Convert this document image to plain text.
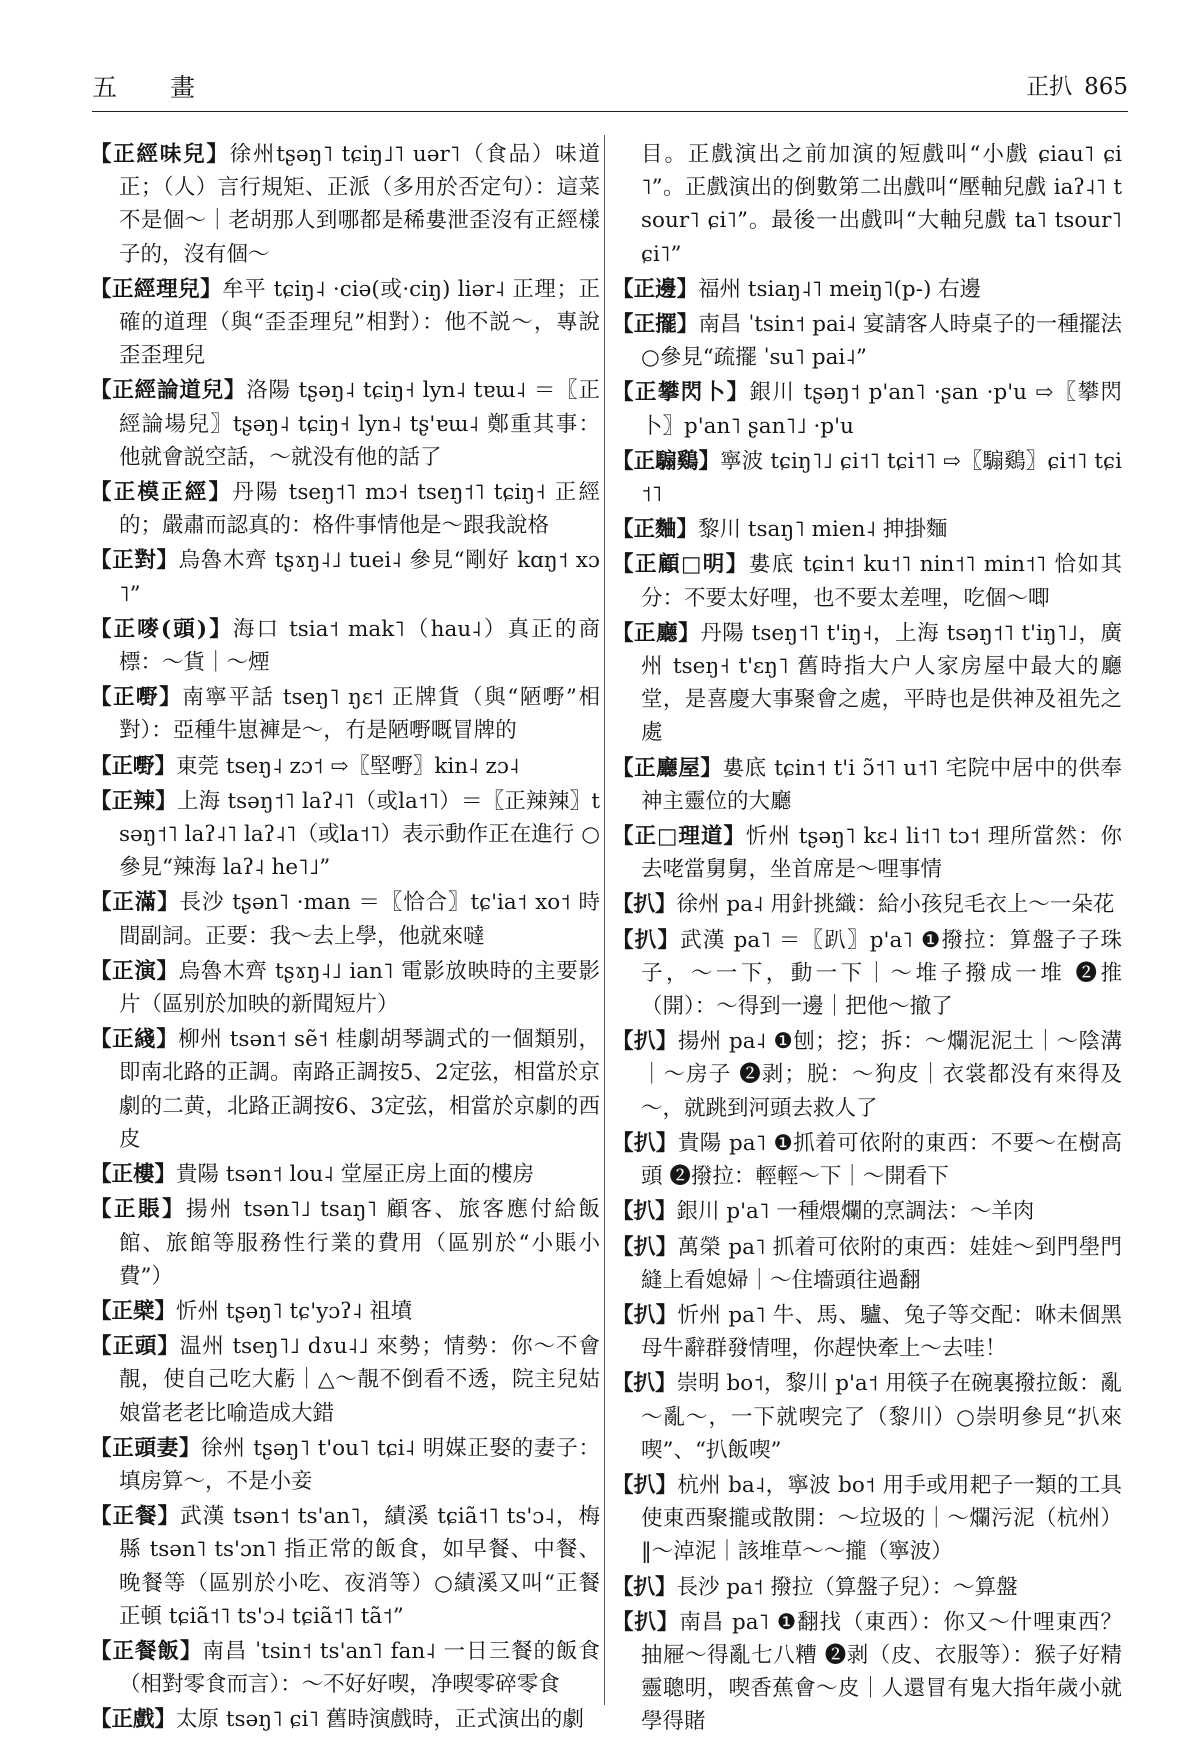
五　畫	正扒 865
【正經味兒】徐州tʂəŋ˥ tɕiŋ˩˥ uər˥（食品）味道正；（人）言行規矩、正派（多用於否定句）：這菜不是個～｜老胡那人到哪都是稀婁泄歪沒有正經樣子的，沒有個～
【正經理兒】牟平 tɕiŋ˨ ·ciə(或·ciŋ) liər˨ 正理；正確的道理（與“歪歪理兒”相對）：他不説～，專說歪歪理兒
【正經論道兒】洛陽 tʂəŋ˨ tɕiŋ˧ lyn˨ tɐɯ˨ ＝〖正經論場兒〗tʂəŋ˨ tɕiŋ˧ lyn˨ tʂ'ɐɯ˨ 鄭重其事：他就會説空話，～就没有他的話了
【正模正經】丹陽 tseŋ˦˥ mɔ˧ tseŋ˦˥ tɕiŋ˧ 正經的；嚴肅而認真的：格件事情他是～跟我說格
【正對】烏魯木齊 tʂɤŋ˨˩ tuei˨ 參見“剛好 kɑŋ˦ xɔ˥”
【正嘜(頭)】海口 tsia˦ mak˥（hau˨）真正的商標：～貨｜～煙
【正嘢】南寧平話 tseŋ˥ ŋɛ˦ 正牌貨（與“陋嘢”相對）：亞種牛崽褲是～，冇是陋嘢嘅冒牌的
【正嘢】東莞 tseŋ˨ zɔ˦ ⇨〖堅嘢〗kin˨ zɔ˨
【正辣】上海 tsəŋ˦˥ laʔ˨˥（或la˦˥）＝〖正辣辣〗tsəŋ˦˥ laʔ˨˥ laʔ˨˥（或la˦˥）表示動作正在進行 ○參見“辣海 laʔ˨ he˥˩”
【正滿】長沙 tʂən˥ ·man ＝〖恰合〗tɕ'ia˦ xo˦ 時間副詞。正要：我～去上學，他就來噠
【正演】烏魯木齊 tʂɤŋ˨˩ ian˥ 電影放映時的主要影片（區别於加映的新聞短片）
【正綫】柳州 tsən˦ sẽ˦ 桂劇胡琴調式的一個類别，即南北路的正調。南路正調按5、2定弦，相當於京劇的二黄，北路正調按6、3定弦，相當於京劇的西皮
【正樓】貴陽 tsən˦ lou˨ 堂屋正房上面的樓房
【正賬】揚州 tsən˥˩ tsaŋ˥ 顧客、旅客應付給飯館、旅館等服務性行業的費用（區别於“小賬小費”）
【正檗】忻州 tʂəŋ˥ tɕ'yɔʔ˨ 祖墳
【正頭】温州 tseŋ˥˩ dɤu˨˩ 來勢；情勢：你～不會靚，使自己吃大虧｜△～靚不倒看不透，院主兒姑娘當老老比喻造成大錯
【正頭妻】徐州 tʂəŋ˥ t'ou˥ tɕi˨ 明媒正娶的妻子：填房算～，不是小妾
【正餐】武漢 tsən˦ ts'an˥，績溪 tɕiã˦˥ ts'ɔ˨，梅縣 tsən˥ ts'ɔn˥ 指正常的飯食，如早餐、中餐、晚餐等（區别於小吃、夜消等）○績溪又叫“正餐正頓 tɕiã˦˥ ts'ɔ˨ tɕiã˦˥ tã˦”
【正餐飯】南昌 ˈtsin˦ ts'an˥ fan˨ 一日三餐的飯食（相對零食而言）：～不好好喫，净喫零碎零食
【正戲】太原 tsəŋ˥ ɕi˥ 舊時演戲時，正式演出的劇
目。正戲演出之前加演的短戲叫“小戲 ɕiau˥ ɕi˥”。正戲演出的倒數第二出戲叫“壓軸兒戲 iaʔ˨˥ tsour˥ ɕi˥”。最後一出戲叫“大軸兒戲 ta˥ tsour˥ ɕi˥”
【正邊】福州 tsiaŋ˨˥ meiŋ˥(p-) 右邊
【正擺】南昌 ˈtsin˦ pai˨ 宴請客人時桌子的一種擺法 ○參見“疏擺 ˈsu˥ pai˨”
【正攀閃卜】銀川 tʂəŋ˦ p'an˥ ·ʂan ·p'u ⇨〖攀閃卜〗p'an˥ ʂan˥˩ ·p'u
【正騸鷄】寧波 tɕiŋ˥˩ ɕi˦˥ tɕi˦˥ ⇨〖騸鷄〗ɕi˦˥ tɕi˦˥
【正麯】黎川 tsaŋ˥ mien˨ 抻掛麵
【正顧□明】婁底 tɕin˦ ku˦˥ nin˦˥ min˦˥ 恰如其分：不要太好哩，也不要太差哩，吃個～唧
【正廳】丹陽 tseŋ˦˥ t'iŋ˧，上海 tsəŋ˦˥ t'iŋ˥˩，廣州 tseŋ˧ t'ɛŋ˥ 舊時指大户人家房屋中最大的廳堂，是喜慶大事聚會之處，平時也是供神及祖先之處
【正廳屋】婁底 tɕin˦ t'i ɔ̃˦˥ u˦˥ 宅院中居中的供奉神主靈位的大廳
【正□理道】忻州 tʂəŋ˥ kɛ˨ li˦˥ tɔ˦ 理所當然：你去咾當舅舅，坐首席是～哩事情
【扒】徐州 pa˨ 用針挑織：給小孩兒毛衣上～一朵花
【扒】武漢 pa˥ ＝〖趴〗p'a˥ ❶撥拉：算盤子子珠子，～一下，動一下｜～堆子撥成一堆 ❷推（開）：～得到一邊｜把他～撤了
【扒】揚州 pa˨ ❶刨；挖；拆：～爛泥泥土｜～陰溝｜～房子 ❷剥；脱：～狗皮｜衣裳都没有來得及～，就跳到河頭去救人了
【扒】貴陽 pa˥ ❶抓着可依附的東西：不要～在樹高頭 ❷撥拉：輕輕～下｜～開看下
【扒】銀川 p'a˥ 一種煨爛的烹調法：～羊肉
【扒】萬榮 pa˥ 抓着可依附的東西：娃娃～到門壆門縫上看媳婦｜～住墻頭往過翻
【扒】忻州 pa˥ 牛、馬、驢、兔子等交配：咻未個黑母牛辭群發情哩，你趕快牽上～去哇！
【扒】崇明 bo˦，黎川 p'a˦ 用筷子在碗裏撥拉飯：亂～亂～，一下就喫完了（黎川）○崇明參見“扒來喫”、“扒飯喫”
【扒】杭州 ba˨，寧波 bo˦ 用手或用耙子一類的工具使東西聚攏或散開：～垃圾的｜～爛污泥（杭州）‖～淖泥｜該堆草～～攏（寧波）
【扒】長沙 pa˦ 撥拉（算盤子兒）：～算盤
【扒】南昌 pa˥ ❶翻找（東西）：你又～什哩東西？抽屜～得亂七八糟 ❷剥（皮、衣服等）：猴子好精靈聰明，喫香蕉會～皮｜人還冒有鬼大指年歲小就學得賭
